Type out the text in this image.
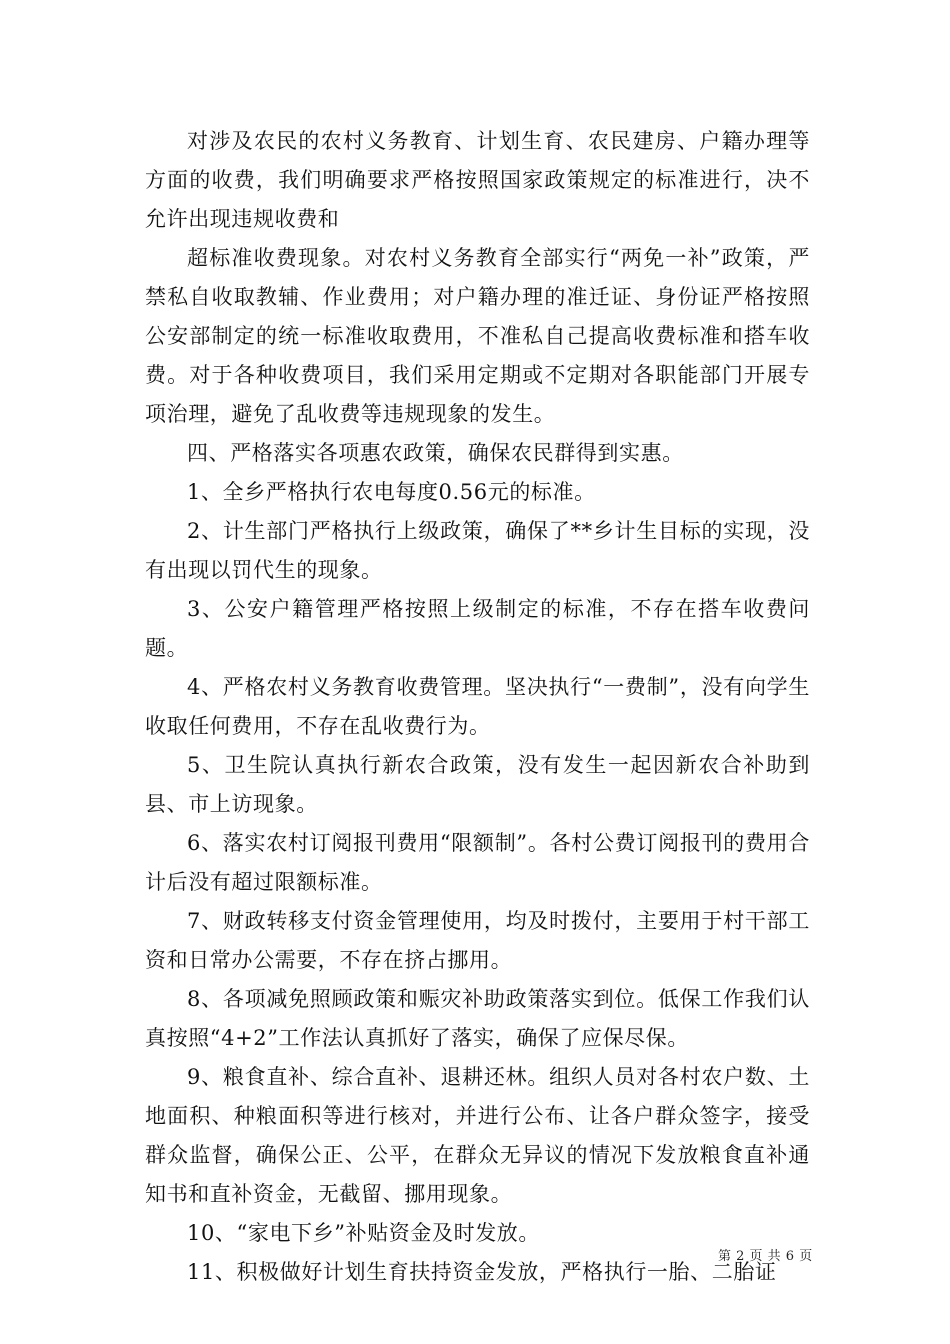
对涉及农民的农村义务教育、计划生育、农民建房、户籍办理等方面的收费，我们明确要求严格按照国家政策规定的标准进行，决不允许出现违规收费和

超标准收费现象。对农村义务教育全部实行“两免一补”政策，严禁私自收取教辅、作业费用；对户籍办理的准迁证、身份证严格按照公安部制定的统一标准收取费用，不准私自己提高收费标准和搭车收费。对于各种收费项目，我们采用定期或不定期对各职能部门开展专项治理，避免了乱收费等违规现象的发生。

四、严格落实各项惠农政策，确保农民群得到实惠。

1、全乡严格执行农电每度0.56元的标准。

2、计生部门严格执行上级政策，确保了**乡计生目标的实现，没有出现以罚代生的现象。

3、公安户籍管理严格按照上级制定的标准，不存在搭车收费问题。

4、严格农村义务教育收费管理。坚决执行“一费制”，没有向学生收取任何费用，不存在乱收费行为。

5、卫生院认真执行新农合政策，没有发生一起因新农合补助到县、市上访现象。

6、落实农村订阅报刊费用“限额制”。各村公费订阅报刊的费用合计后没有超过限额标准。

7、财政转移支付资金管理使用，均及时拨付，主要用于村干部工资和日常办公需要，不存在挤占挪用。

8、各项减免照顾政策和赈灾补助政策落实到位。低保工作我们认真按照“4+2”工作法认真抓好了落实，确保了应保尽保。

9、粮食直补、综合直补、退耕还林。组织人员对各村农户数、土地面积、种粮面积等进行核对，并进行公布、让各户群众签字，接受群众监督，确保公正、公平，在群众无异议的情况下发放粮食直补通知书和直补资金，无截留、挪用现象。

10、“家电下乡”补贴资金及时发放。

11、积极做好计划生育扶持资金发放，严格执行一胎、二胎证

第 2 页 共 6 页
